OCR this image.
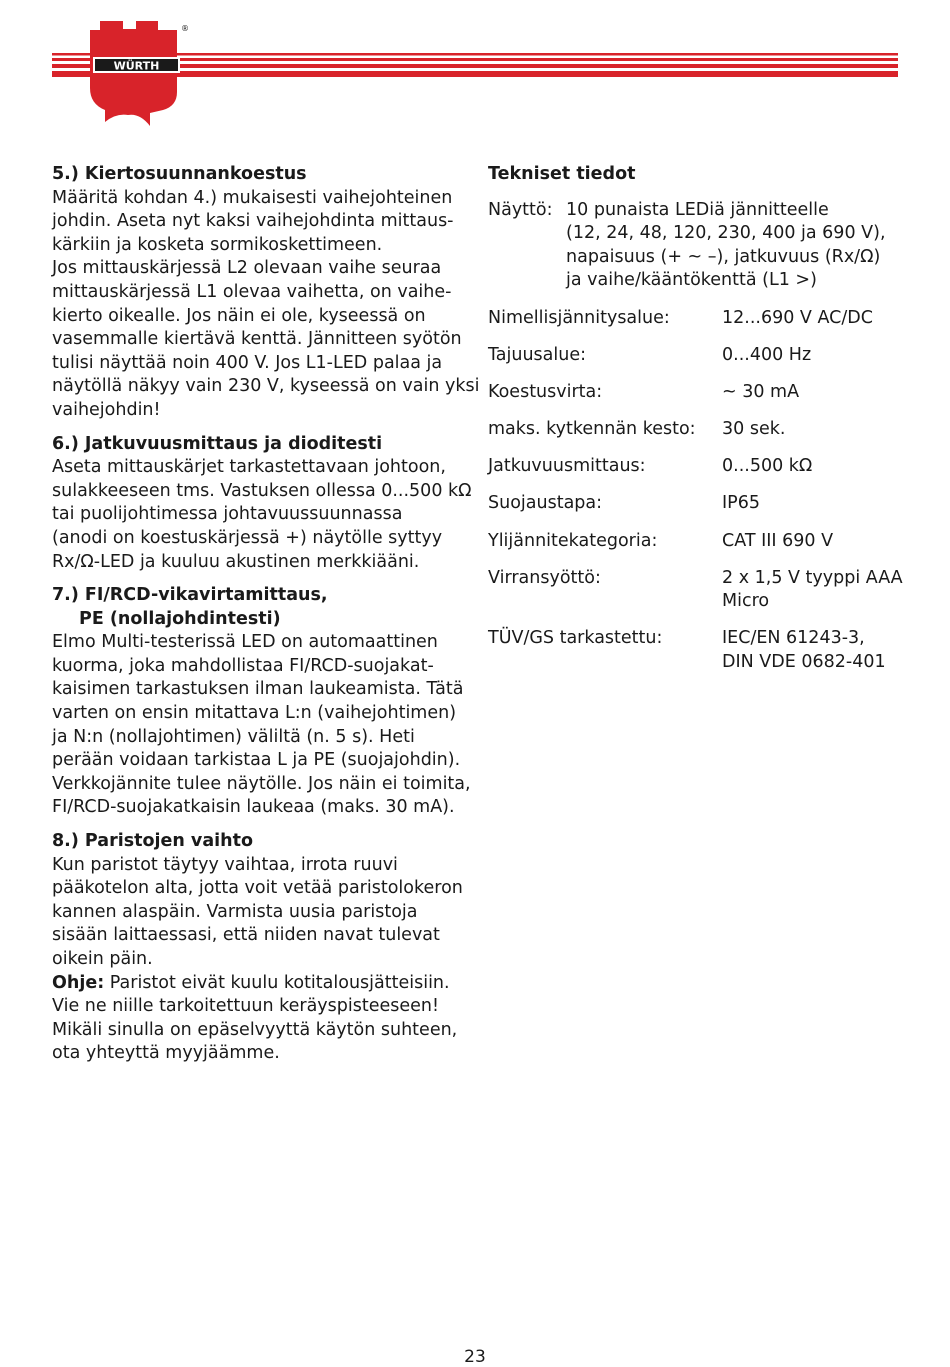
WÜRTH
®
5.) Kiertosuunnankoestus
Määritä kohdan 4.) mukaisesti vaihejohteinen
johdin. Aseta nyt kaksi vaihejohdinta mittaus-
kärkiin ja kosketa sormikoskettimeen.
Jos mittauskärjessä L2 olevaan vaihe seuraa
mittauskärjessä L1 olevaa vaihetta, on vaihe-
kierto oikealle. Jos näin ei ole, kyseessä on
vasemmalle kiertävä kenttä. Jännitteen syötön
tulisi näyttää noin 400 V. Jos L1-LED palaa ja
näytöllä näkyy vain 230 V, kyseessä on vain yksi
vaihejohdin!
6.) Jatkuvuusmittaus ja dioditesti
Aseta mittauskärjet tarkastettavaan johtoon,
sulakkeeseen tms. Vastuksen ollessa 0...500 kΩ
tai puolijohtimessa johtavuussuunnassa
(anodi on koestuskärjessä +) näytölle syttyy
Rx/Ω-LED ja kuuluu akustinen merkkiääni.
7.) FI/RCD-vikavirtamittaus,
PE (nollajohdintesti)
Elmo Multi-testerissä LED on automaattinen
kuorma, joka mahdollistaa FI/RCD-suojakat-
kaisimen tarkastuksen ilman laukeamista. Tätä
varten on ensin mitattava L:n (vaihejohtimen)
ja N:n (nollajohtimen) väliltä (n. 5 s). Heti
perään voidaan tarkistaa L ja PE (suojajohdin).
Verkkojännite tulee näytölle. Jos näin ei toimita,
FI/RCD-suojakatkaisin laukeaa (maks. 30 mA).
8.) Paristojen vaihto
Kun paristot täytyy vaihtaa, irrota ruuvi
pääkotelon alta, jotta voit vetää paristolokeron
kannen alaspäin. Varmista uusia paristoja
sisään laittaessasi, että niiden navat tulevat
oikein päin.
Ohje: Paristot eivät kuulu kotitalousjätteisiin.
Vie ne niille tarkoitettuun keräyspisteeseen!
Mikäli sinulla on epäselvyyttä käytön suhteen,
ota yhteyttä myyjäämme.
Tekniset tiedot
Näyttö: 10 punaista LEDiä jännitteelle
(12, 24, 48, 120, 230, 400 ja 690 V),
napaisuus (+ ~ –), jatkuvuus (Rx/Ω)
ja vaihe/kääntökenttä (L1 >)
Nimellisjännitysalue:	12...690 V AC/DC
Tajuusalue:	0...400 Hz
Koestusvirta:	~ 30 mA
maks. kytkennän kesto:	30 sek.
Jatkuvuusmittaus:	0...500 kΩ
Suojaustapa:	IP65
Ylijännitekategoria:	CAT III 690 V
Virransyöttö:	2 x 1,5 V tyyppi AAA
Micro
TÜV/GS tarkastettu:	IEC/EN 61243-3,
DIN VDE 0682-401
23
